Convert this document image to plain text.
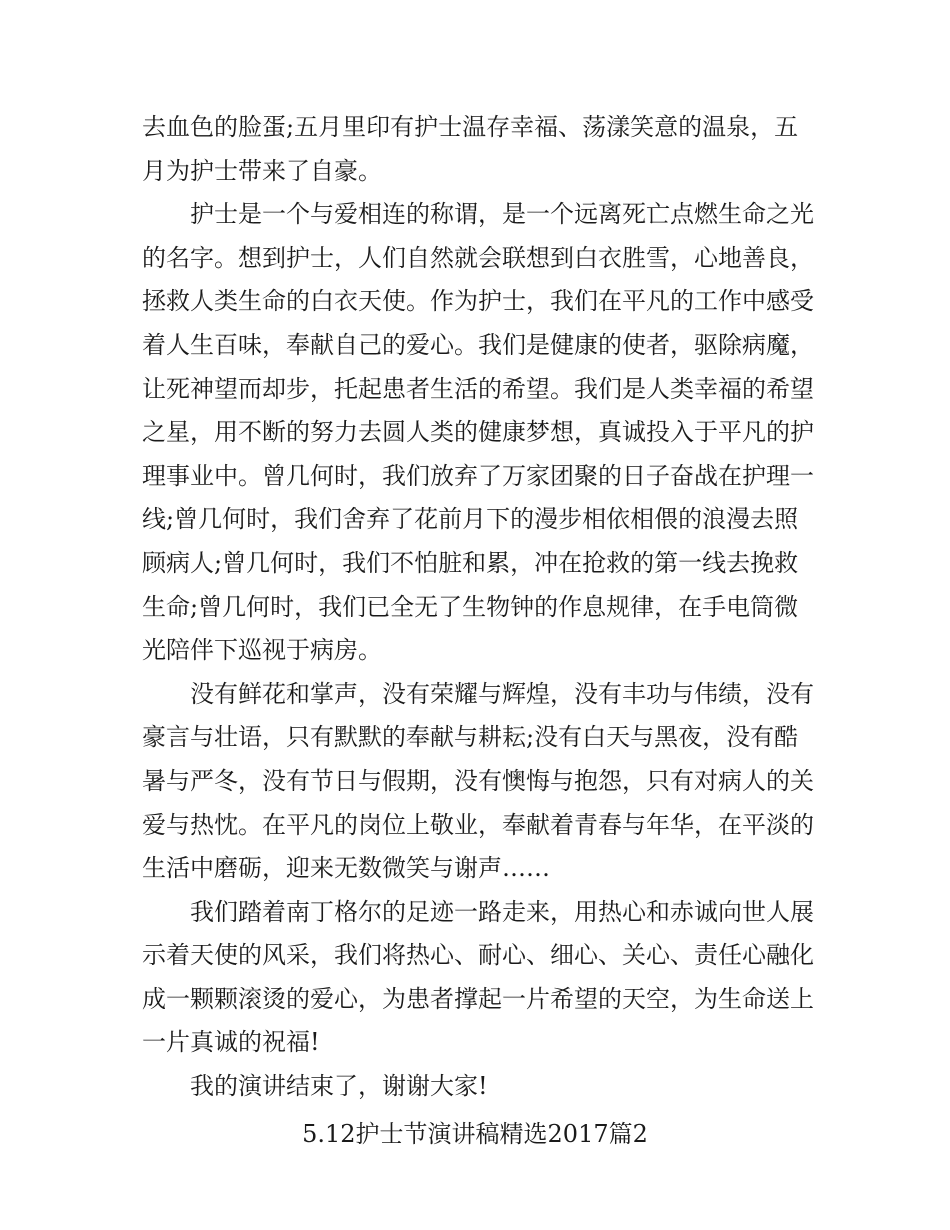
去血色的脸蛋;五月里印有护士温存幸福、荡漾笑意的温泉，五月为护士带来了自豪。

护士是一个与爱相连的称谓，是一个远离死亡点燃生命之光的名字。想到护士，人们自然就会联想到白衣胜雪，心地善良，拯救人类生命的白衣天使。作为护士，我们在平凡的工作中感受着人生百味，奉献自己的爱心。我们是健康的使者，驱除病魔，让死神望而却步，托起患者生活的希望。我们是人类幸福的希望之星，用不断的努力去圆人类的健康梦想，真诚投入于平凡的护理事业中。曾几何时，我们放弃了万家团聚的日子奋战在护理一线;曾几何时，我们舍弃了花前月下的漫步相依相偎的浪漫去照顾病人;曾几何时，我们不怕脏和累，冲在抢救的第一线去挽救生命;曾几何时，我们已全无了生物钟的作息规律，在手电筒微光陪伴下巡视于病房。

没有鲜花和掌声，没有荣耀与辉煌，没有丰功与伟绩，没有豪言与壮语，只有默默的奉献与耕耘;没有白天与黑夜，没有酷暑与严冬，没有节日与假期，没有懊悔与抱怨，只有对病人的关爱与热忱。在平凡的岗位上敬业，奉献着青春与年华，在平淡的生活中磨砺，迎来无数微笑与谢声……

我们踏着南丁格尔的足迹一路走来，用热心和赤诚向世人展示着天使的风采，我们将热心、耐心、细心、关心、责任心融化成一颗颗滚烫的爱心，为患者撑起一片希望的天空，为生命送上一片真诚的祝福!

我的演讲结束了，谢谢大家!

5.12护士节演讲稿精选2017篇2
